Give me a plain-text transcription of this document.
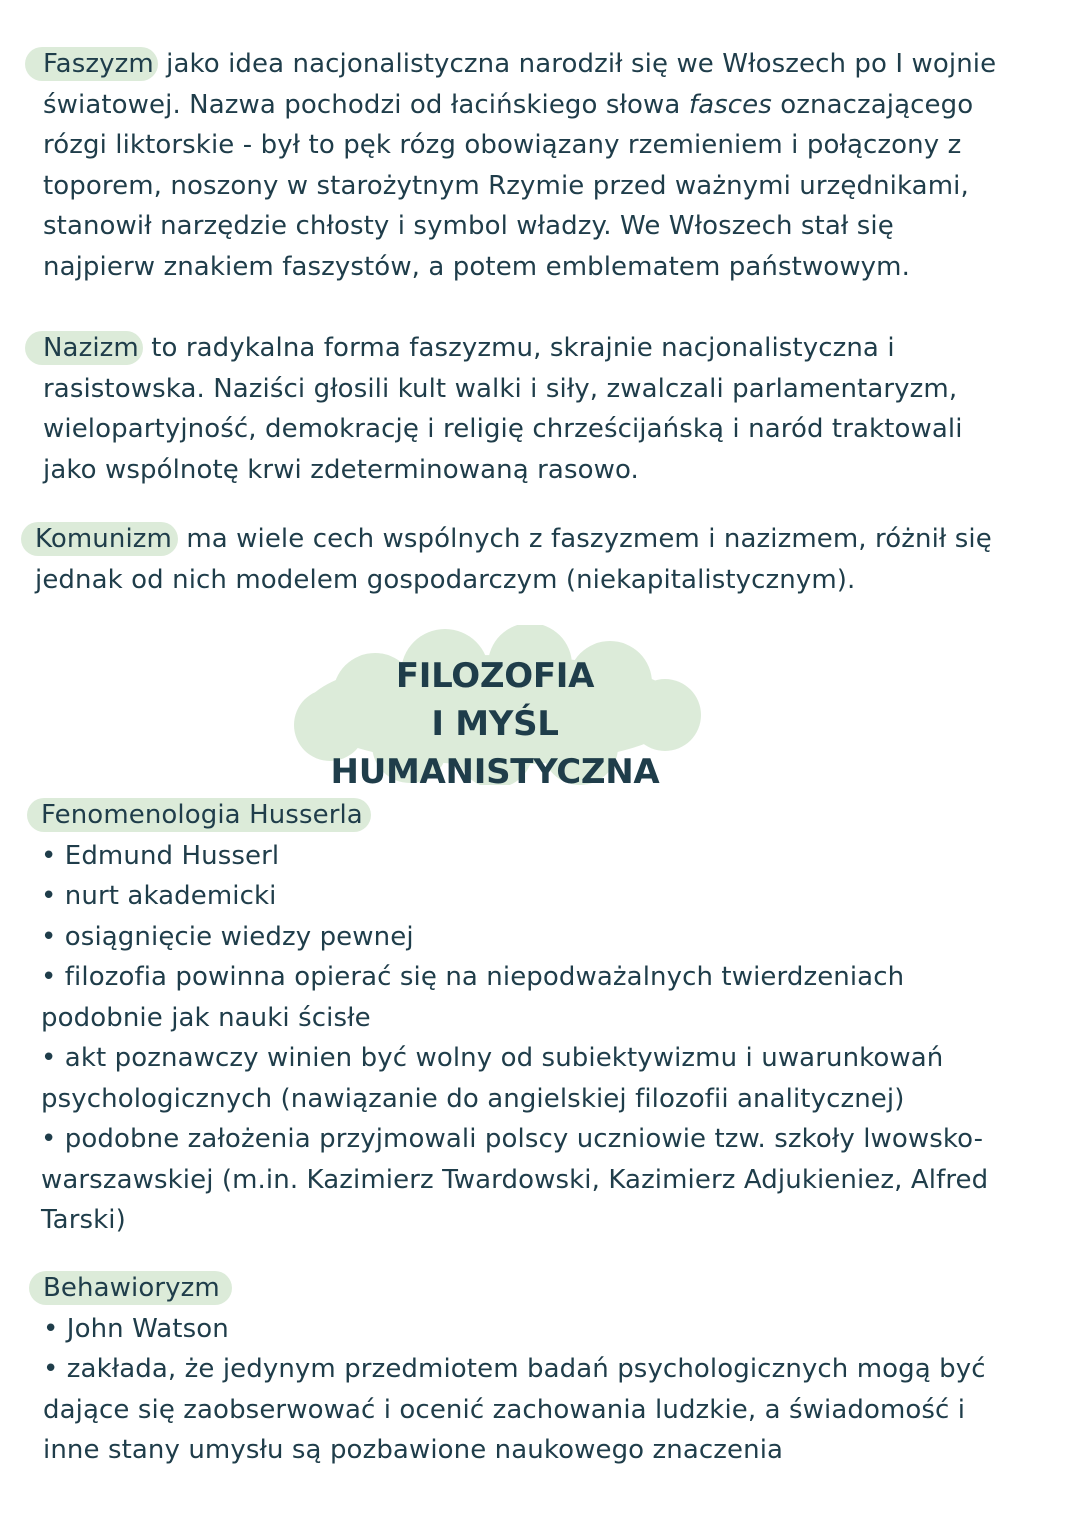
Faszyzm jako idea nacjonalistyczna narodził się we Włoszech po I wojnie
światowej. Nazwa pochodzi od łacińskiego słowa fasces oznaczającego
rózgi liktorskie - był to pęk rózg obowiązany rzemieniem i połączony z
toporem, noszony w starożytnym Rzymie przed ważnymi urzędnikami,
stanowił narzędzie chłosty i symbol władzy. We Włoszech stał się
najpierw znakiem faszystów, a potem emblematem państwowym.
Nazizm to radykalna forma faszyzmu, skrajnie nacjonalistyczna i
rasistowska. Naziści głosili kult walki i siły, zwalczali parlamentaryzm,
wielopartyjność, demokrację i religię chrześcijańską i naród traktowali
jako wspólnotę krwi zdeterminowaną rasowo.
Komunizm ma wiele cech wspólnych z faszyzmem i nazizmem, różnił się
jednak od nich modelem gospodarczym (niekapitalistycznym).
FILOZOFIA
I MYŚL HUMANISTYCZNA
Fenomenologia Husserla
• Edmund Husserl
• nurt akademicki
• osiągnięcie wiedzy pewnej
• filozofia powinna opierać się na niepodważalnych twierdzeniach
podobnie jak nauki ścisłe
• akt poznawczy winien być wolny od subiektywizmu i uwarunkowań
psychologicznych (nawiązanie do angielskiej filozofii analitycznej)
• podobne założenia przyjmowali polscy uczniowie tzw. szkoły lwowsko-
warszawskiej (m.in. Kazimierz Twardowski, Kazimierz Adjukieniez, Alfred
Tarski)
Behawioryzm
• John Watson
• zakłada, że jedynym przedmiotem badań psychologicznych mogą być
dające się zaobserwować i ocenić zachowania ludzkie, a świadomość i
inne stany umysłu są pozbawione naukowego znaczenia
